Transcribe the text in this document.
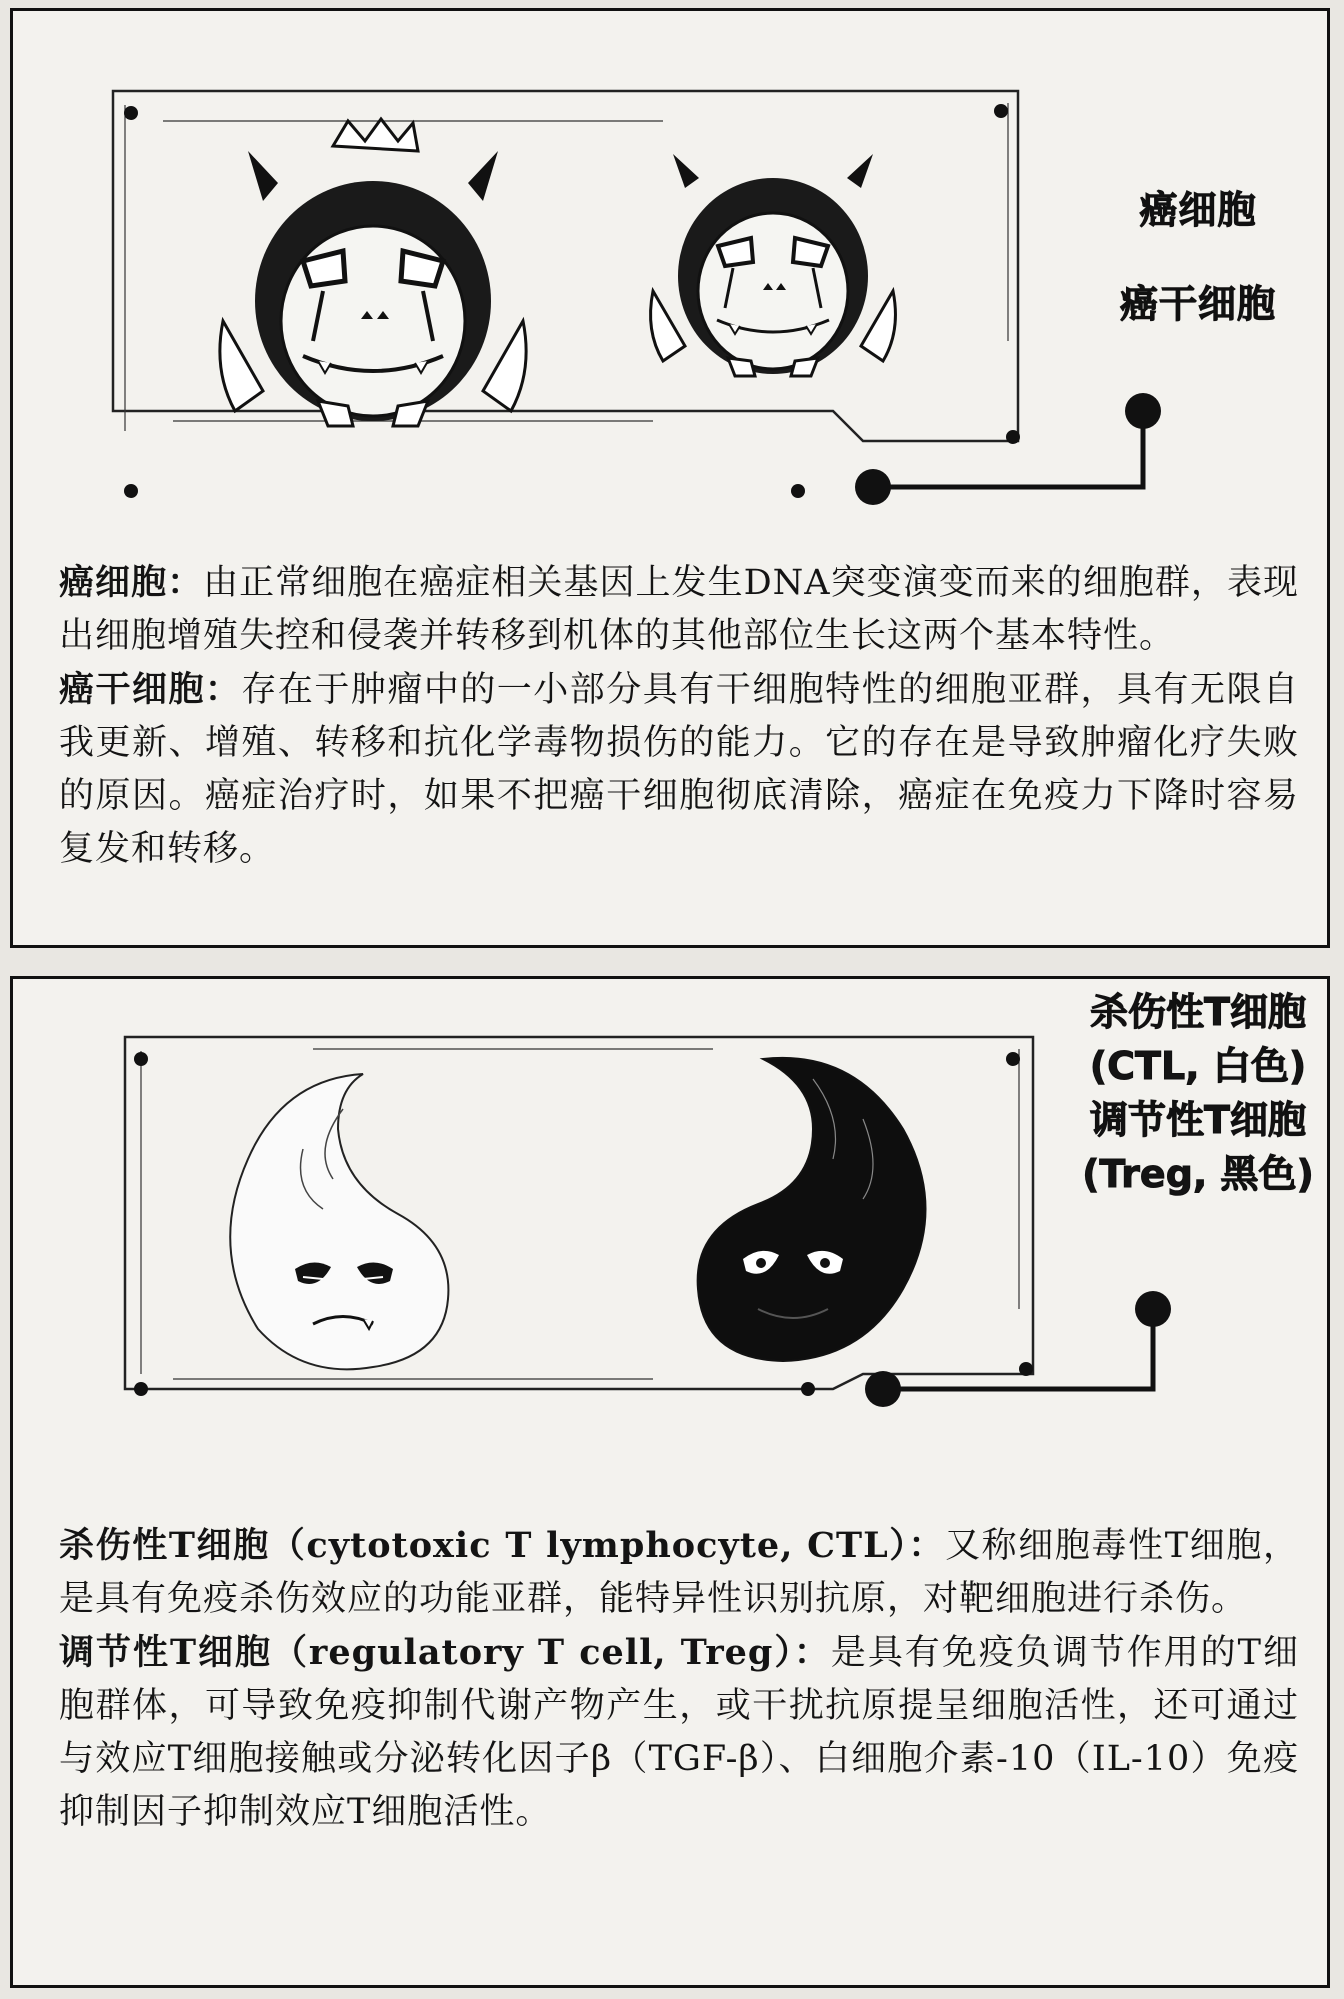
癌细胞
癌干细胞

癌细胞：由正常细胞在癌症相关基因上发生DNA突变演变而来的细胞群，表现出细胞增殖失控和侵袭并转移到机体的其他部位生长这两个基本特性。

癌干细胞：存在于肿瘤中的一小部分具有干细胞特性的细胞亚群，具有无限自我更新、增殖、转移和抗化学毒物损伤的能力。它的存在是导致肿瘤化疗失败的原因。癌症治疗时，如果不把癌干细胞彻底清除，癌症在免疫力下降时容易复发和转移。

杀伤性T细胞
(CTL, 白色)
调节性T细胞
(Treg, 黑色)

杀伤性T细胞（cytotoxic T lymphocyte, CTL）：又称细胞毒性T细胞，是具有免疫杀伤效应的功能亚群，能特异性识别抗原，对靶细胞进行杀伤。

调节性T细胞（regulatory T cell, Treg）：是具有免疫负调节作用的T细胞群体，可导致免疫抑制代谢产物产生，或干扰抗原提呈细胞活性，还可通过与效应T细胞接触或分泌转化因子β（TGF-β）、白细胞介素-10（IL-10）免疫抑制因子抑制效应T细胞活性。
